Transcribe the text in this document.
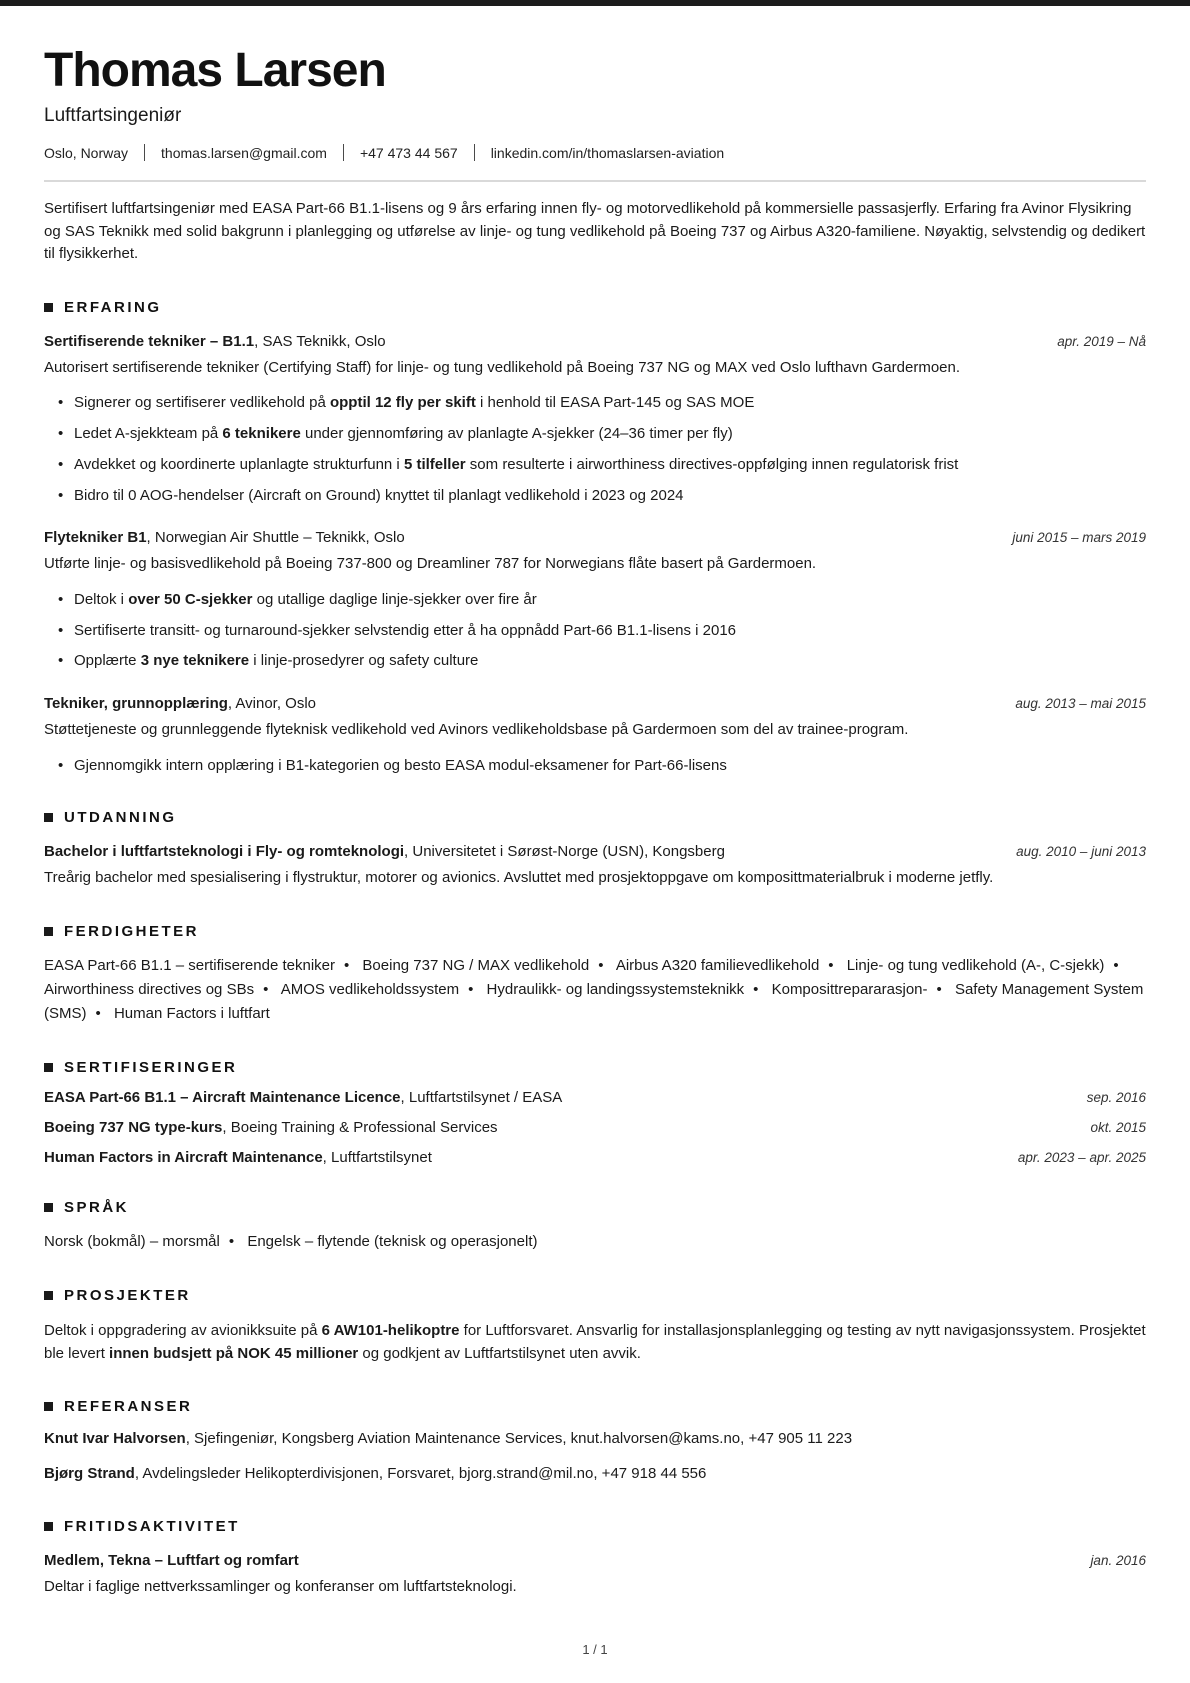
Thomas Larsen
Luftfartsingeniør
Oslo, Norway thomas.larsen@gmail.com +47 473 44 567 linkedin.com/in/thomaslarsen-aviation

Sertifisert luftfartsingeniør med EASA Part-66 B1.1-lisens og 9 års erfaring innen fly- og motorvedlikehold på kommersielle passasjerfly. Erfaring fra Avinor Flysikring og SAS Teknikk med solid bakgrunn i planlegging og utførelse av linje- og tung vedlikehold på Boeing 737 og Airbus A320-familiene. Nøyaktig, selvstendig og dedikert til flysikkerhet.

ERFARING
Sertifiserende tekniker – B1.1, SAS Teknikk, Oslo	apr. 2019 – Nå

Autorisert sertifiserende tekniker (Certifying Staff) for linje- og tung vedlikehold på Boeing 737 NG og MAX ved Oslo lufthavn Gardermoen.

• Signerer og sertifiserer vedlikehold på opptil 12 fly per skift i henhold til EASA Part-145 og SAS MOE
• Ledet A-sjekkteam på 6 teknikere under gjennomføring av planlagte A-sjekker (24–36 timer per fly)
• Avdekket og koordinerte uplanlagte strukturfunn i 5 tilfeller som resulterte i airworthiness directives-oppfølging innen regulatorisk frist
• Bidro til 0 AOG-hendelser (Aircraft on Ground) knyttet til planlagt vedlikehold i 2023 og 2024
Flytekniker B1, Norwegian Air Shuttle – Teknikk, Oslo	juni 2015 – mars 2019

Utførte linje- og basisvedlikehold på Boeing 737-800 og Dreamliner 787 for Norwegians flåte basert på Gardermoen.

• Deltok i over 50 C-sjekker og utallige daglige linje-sjekker over fire år
• Sertifiserte transitt- og turnaround-sjekker selvstendig etter å ha oppnådd Part-66 B1.1-lisens i 2016
• Opplærte 3 nye teknikere i linje-prosedyrer og safety culture
Tekniker, grunnopplæring, Avinor, Oslo	aug. 2013 – mai 2015

Støttetjeneste og grunnleggende flyteknisk vedlikehold ved Avinors vedlikeholdsbase på Gardermoen som del av trainee-program.

• Gjennomgikk intern opplæring i B1-kategorien og besto EASA modul-eksamener for Part-66-lisens
UTDANNING
Bachelor i luftfartsteknologi i Fly- og romteknologi, Universitetet i Sørøst-Norge (USN), Kongsberg	aug. 2010 – juni 2013

Treårig bachelor med spesialisering i flystruktur, motorer og avionics. Avsluttet med prosjektoppgave om komposittmaterialbruk i moderne jetfly.

FERDIGHETER

EASA Part-66 B1.1 – sertifiserende tekniker • Boeing 737 NG / MAX vedlikehold • Airbus A320 familievedlikehold • Linje- og tung vedlikehold (A-, C-sjekk) • Airworthiness directives og SBs • AMOS vedlikeholdssystem • Hydraulikk- og landingssystemsteknikk • Komposittrepararasjon- • Safety Management System (SMS) • Human Factors i luftfart

SERTIFISERINGER
EASA Part-66 B1.1 – Aircraft Maintenance Licence, Luftfartstilsynet / EASA	sep. 2016
Boeing 737 NG type-kurs, Boeing Training & Professional Services	okt. 2015
Human Factors in Aircraft Maintenance, Luftfartstilsynet	apr. 2023 – apr. 2025
SPRÅK

Norsk (bokmål) – morsmål • Engelsk – flytende (teknisk og operasjonelt)

PROSJEKTER

Deltok i oppgradering av avionikksuite på 6 AW101-helikoptre for Luftforsvaret. Ansvarlig for installasjonsplanlegging og testing av nytt navigasjonssystem. Prosjektet ble levert innen budsjett på NOK 45 millioner og godkjent av Luftfartstilsynet uten avvik.

REFERANSER

Knut Ivar Halvorsen, Sjefingeniør, Kongsberg Aviation Maintenance Services, knut.halvorsen@kams.no, +47 905 11 223

Bjørg Strand, Avdelingsleder Helikopterdivisjonen, Forsvaret, bjorg.strand@mil.no, +47 918 44 556

FRITIDSAKTIVITET
Medlem, Tekna – Luftfart og romfart	jan. 2016

Deltar i faglige nettverkssamlinger og konferanser om luftfartsteknologi.

1 / 1
